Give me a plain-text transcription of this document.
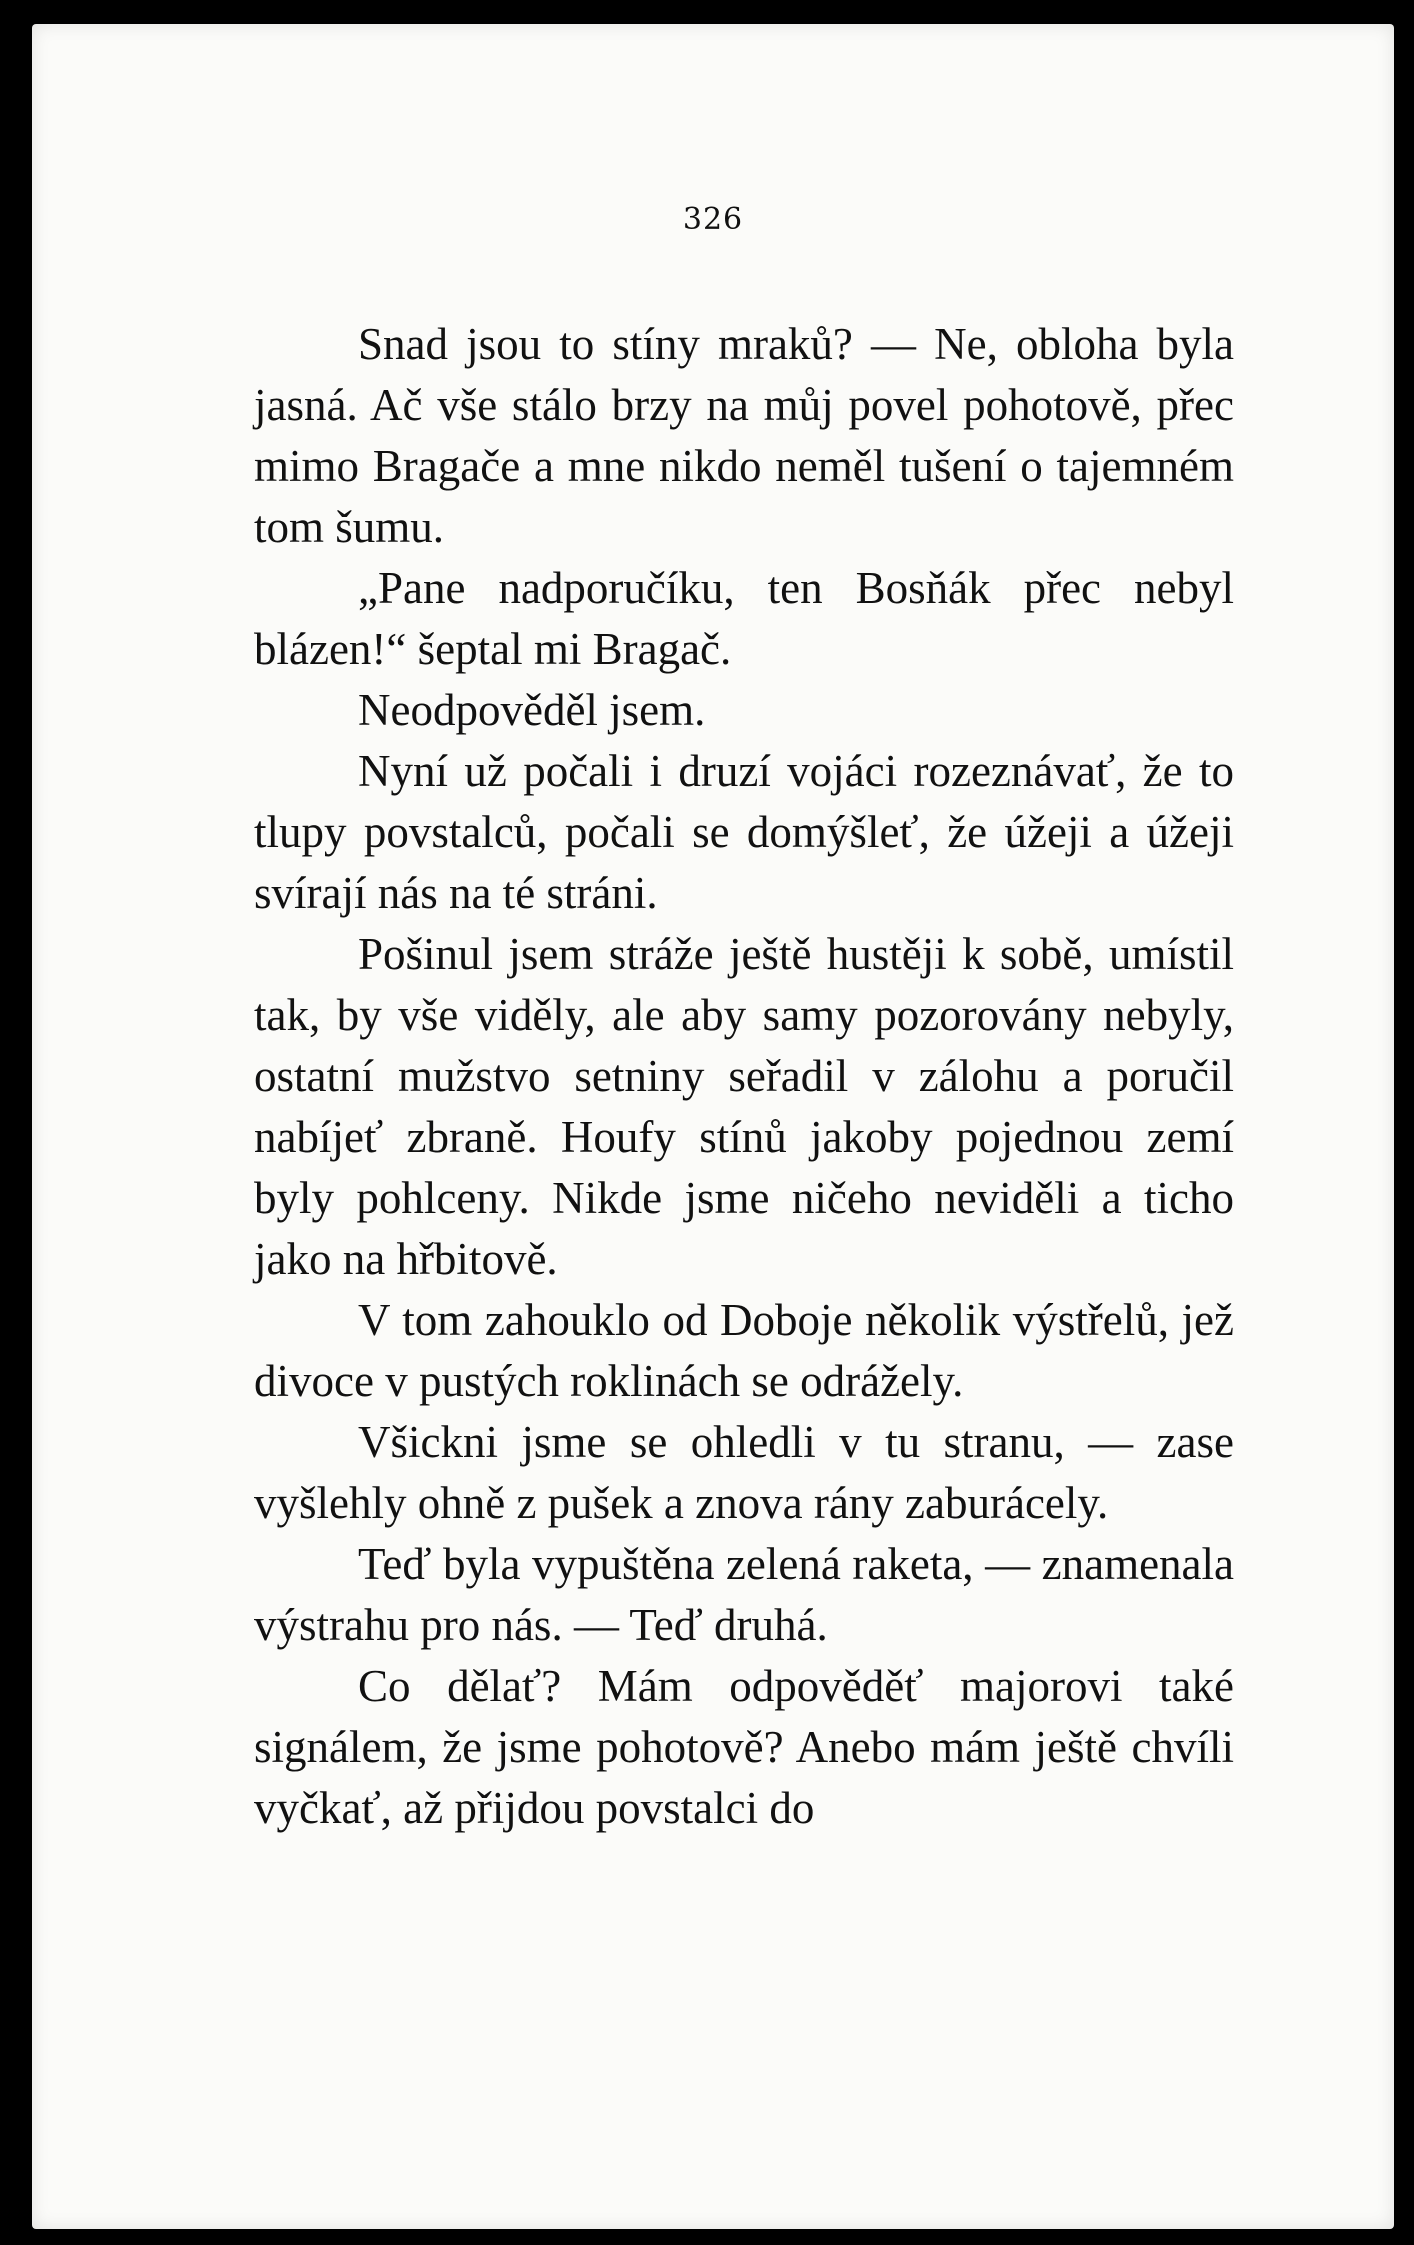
326

Snad jsou to stíny mraků? — Ne, obloha byla jasná. Ač vše stálo brzy na můj povel pohotově, přec mimo Bragače a mne nikdo neměl tušení o tajemném tom šumu.

„Pane nadporučíku, ten Bosňák přec nebyl blázen!“ šeptal mi Bragač.

Neodpověděl jsem.

Nyní už počali i druzí vojáci rozeznávať, že to tlupy povstalců, počali se domýšleť, že úžeji a úžeji svírají nás na té stráni.

Pošinul jsem stráže ještě hustěji k sobě, umístil tak, by vše viděly, ale aby samy pozorovány nebyly, ostatní mužstvo setniny seřadil v zálohu a poručil nabíjeť zbraně. Houfy stínů jakoby pojednou zemí byly pohlceny. Nikde jsme ničeho neviděli a ticho jako na hřbitově.

V tom zahouklo od Doboje několik výstřelů, jež divoce v pustých roklinách se odrážely.

Všickni jsme se ohledli v tu stranu, — zase vyšlehly ohně z pušek a znova rány zaburácely.

Teď byla vypuštěna zelená raketa, — znamenala výstrahu pro nás. — Teď druhá.

Co dělať? Mám odpověděť majorovi také signálem, že jsme pohotově? Anebo mám ještě chvíli vyčkať, až přijdou povstalci do
